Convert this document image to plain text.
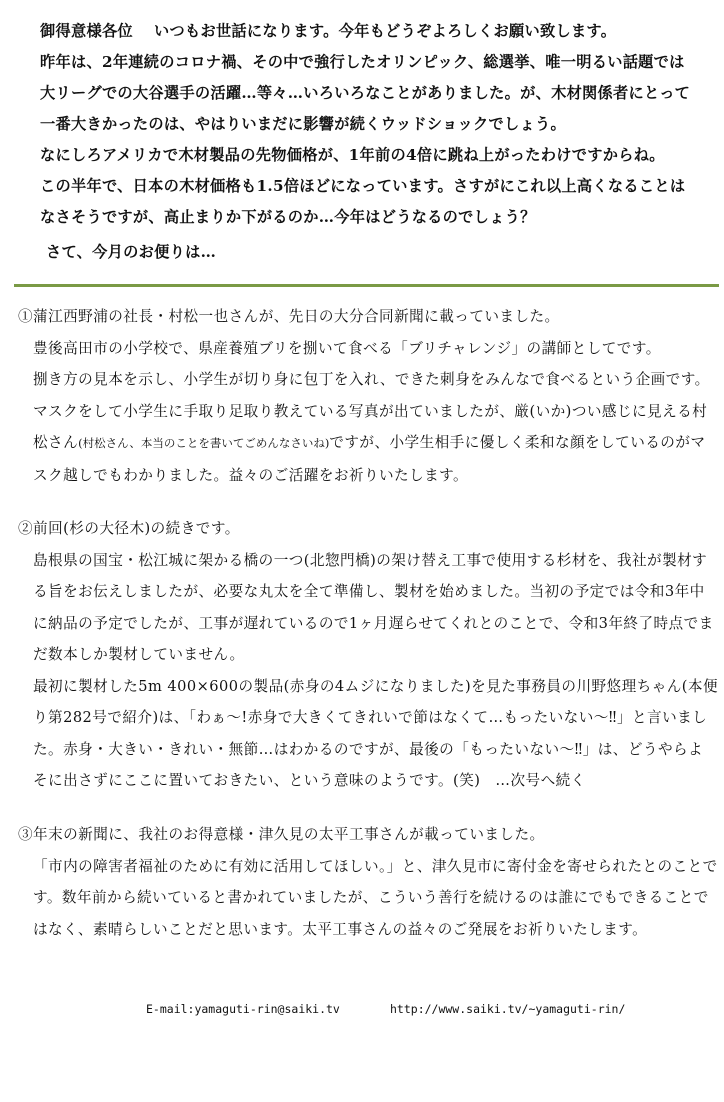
御得意様各位　 いつもお世話になります。今年もどうぞよろしくお願い致します。

昨年は、2年連続のコロナ禍、その中で強行したオリンピック、総選挙、唯一明るい話題では

大リーグでの大谷選手の活躍…等々…いろいろなことがありました。が、木材関係者にとって

一番大きかったのは、やはりいまだに影響が続くウッドショックでしょう。

なにしろアメリカで木材製品の先物価格が、1年前の4倍に跳ね上がったわけですからね。

この半年で、日本の木材価格も1.5倍ほどになっています。さすがにこれ以上高くなることは

なさそうですが、高止まりか下がるのか…今年はどうなるのでしょう？

さて、今月のお便りは…

①蒲江西野浦の社長・村松一也さんが、先日の大分合同新聞に載っていました。

豊後高田市の小学校で、県産養殖ブリを捌いて食べる「ブリチャレンジ」の講師としてです。

捌き方の見本を示し、小学生が切り身に包丁を入れ、できた刺身をみんなで食べるという企画です。マスクをして小学生に手取り足取り教えている写真が出ていましたが、厳(いか)つい感じに見える村松さん(村松さん、本当のことを書いてごめんなさいね)ですが、小学生相手に優しく柔和な顔をしているのがマスク越しでもわかりました。益々のご活躍をお祈りいたします。

②前回(杉の大径木)の続きです。

島根県の国宝・松江城に架かる橋の一つ(北惣門橋)の架け替え工事で使用する杉材を、我社が製材する旨をお伝えしましたが、必要な丸太を全て準備し、製材を始めました。当初の予定では令和3年中に納品の予定でしたが、工事が遅れているので1ヶ月遅らせてくれとのことで、令和3年終了時点でまだ数本しか製材していません。

最初に製材した5m 400×600の製品(赤身の4ムジになりました)を見た事務員の川野悠理ちゃん(本便り第282号で紹介)は、「わぁ～!赤身で大きくてきれいで節はなくて…もったいない～‼」と言いました。赤身・大きい・きれい・無節…はわかるのですが、最後の「もったいない～‼」は、どうやらよそに出さずにここに置いておきたい、という意味のようです。(笑)　…次号へ続く

③年末の新聞に、我社のお得意様・津久見の太平工事さんが載っていました。

「市内の障害者福祉のために有効に活用してほしい。」と、津久見市に寄付金を寄せられたとのことです。数年前から続いていると書かれていましたが、こういう善行を続けるのは誰にでもできることではなく、素晴らしいことだと思います。太平工事さんの益々のご発展をお祈りいたします。

E-mail:yamaguti-rin@saiki.tv	http://www.saiki.tv/~yamaguti-rin/
